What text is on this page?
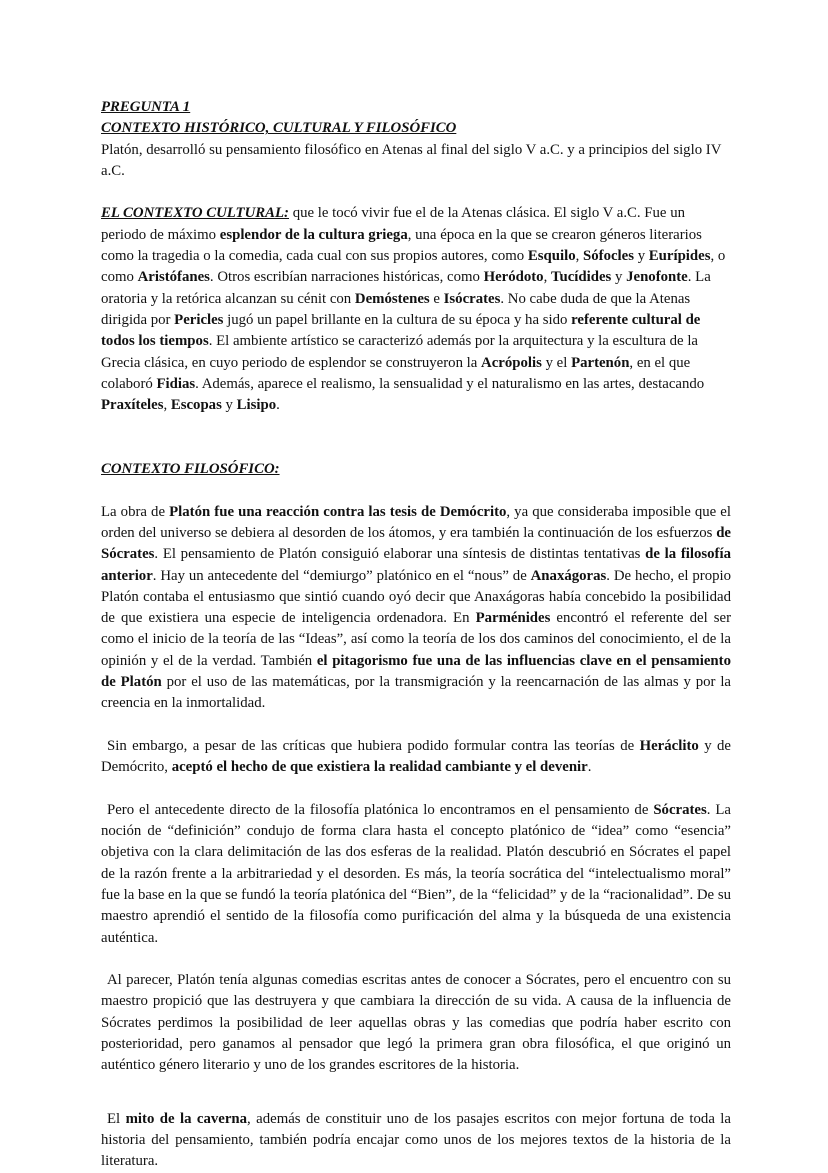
PREGUNTA 1
CONTEXTO HISTÓRICO, CULTURAL Y FILOSÓFICO

Platón, desarrolló su pensamiento filosófico en Atenas al final del siglo V a.C. y a principios del siglo IV a.C.

EL CONTEXTO CULTURAL: que le tocó vivir fue el de la Atenas clásica. El siglo V a.C. Fue un periodo de máximo esplendor de la cultura griega, una época en la que se crearon géneros literarios como la tragedia o la comedia, cada cual con sus propios autores, como Esquilo, Sófocles y Eurípides, o como Aristófanes. Otros escribían narraciones históricas, como Heródoto, Tucídides y Jenofonte. La oratoria y la retórica alcanzan su cénit con Demóstenes e Isócrates. No cabe duda de que la Atenas dirigida por Pericles jugó un papel brillante en la cultura de su época y ha sido referente cultural de todos los tiempos. El ambiente artístico se caracterizó además por la arquitectura y la escultura de la Grecia clásica, en cuyo periodo de esplendor se construyeron la Acrópolis y el Partenón, en el que colaboró Fidias. Además, aparece el realismo, la sensualidad y el naturalismo en las artes, destacando Praxíteles, Escopas y Lisipo.

CONTEXTO FILOSÓFICO:

La obra de Platón fue una reacción contra las tesis de Demócrito, ya que consideraba imposible que el orden del universo se debiera al desorden de los átomos, y era también la continuación de los esfuerzos de Sócrates. El pensamiento de Platón consiguió elaborar una síntesis de distintas tentativas de la filosofía anterior. Hay un antecedente del “demiurgo” platónico en el “nous” de Anaxágoras. De hecho, el propio Platón contaba el entusiasmo que sintió cuando oyó decir que Anaxágoras había concebido la posibilidad de que existiera una especie de inteligencia ordenadora. En Parménides encontró el referente del ser como el inicio de la teoría de las “Ideas”, así como la teoría de los dos caminos del conocimiento, el de la opinión y el de la verdad. También el pitagorismo fue una de las influencias clave en el pensamiento de Platón por el uso de las matemáticas, por la transmigración y la reencarnación de las almas y por la creencia en la inmortalidad.

Sin embargo, a pesar de las críticas que hubiera podido formular contra las teorías de Heráclito y de Demócrito, aceptó el hecho de que existiera la realidad cambiante y el devenir.

Pero el antecedente directo de la filosofía platónica lo encontramos en el pensamiento de Sócrates. La noción de “definición” condujo de forma clara hasta el concepto platónico de “idea” como “esencia” objetiva con la clara delimitación de las dos esferas de la realidad. Platón descubrió en Sócrates el papel de la razón frente a la arbitrariedad y el desorden. Es más, la teoría socrática del “intelectualismo moral” fue la base en la que se fundó la teoría platónica del “Bien”, de la “felicidad” y de la “racionalidad”. De su maestro aprendió el sentido de la filosofía como purificación del alma y la búsqueda de una existencia auténtica.

Al parecer, Platón tenía algunas comedias escritas antes de conocer a Sócrates, pero el encuentro con su maestro propició que las destruyera y que cambiara la dirección de su vida. A causa de la influencia de Sócrates perdimos la posibilidad de leer aquellas obras y las comedias que podría haber escrito con posterioridad, pero ganamos al pensador que legó la primera gran obra filosófica, el que originó un auténtico género literario y uno de los grandes escritores de la historia.

El mito de la caverna, además de constituir uno de los pasajes escritos con mejor fortuna de toda la historia del pensamiento, también podría encajar como unos de los mejores textos de la historia de la literatura.
